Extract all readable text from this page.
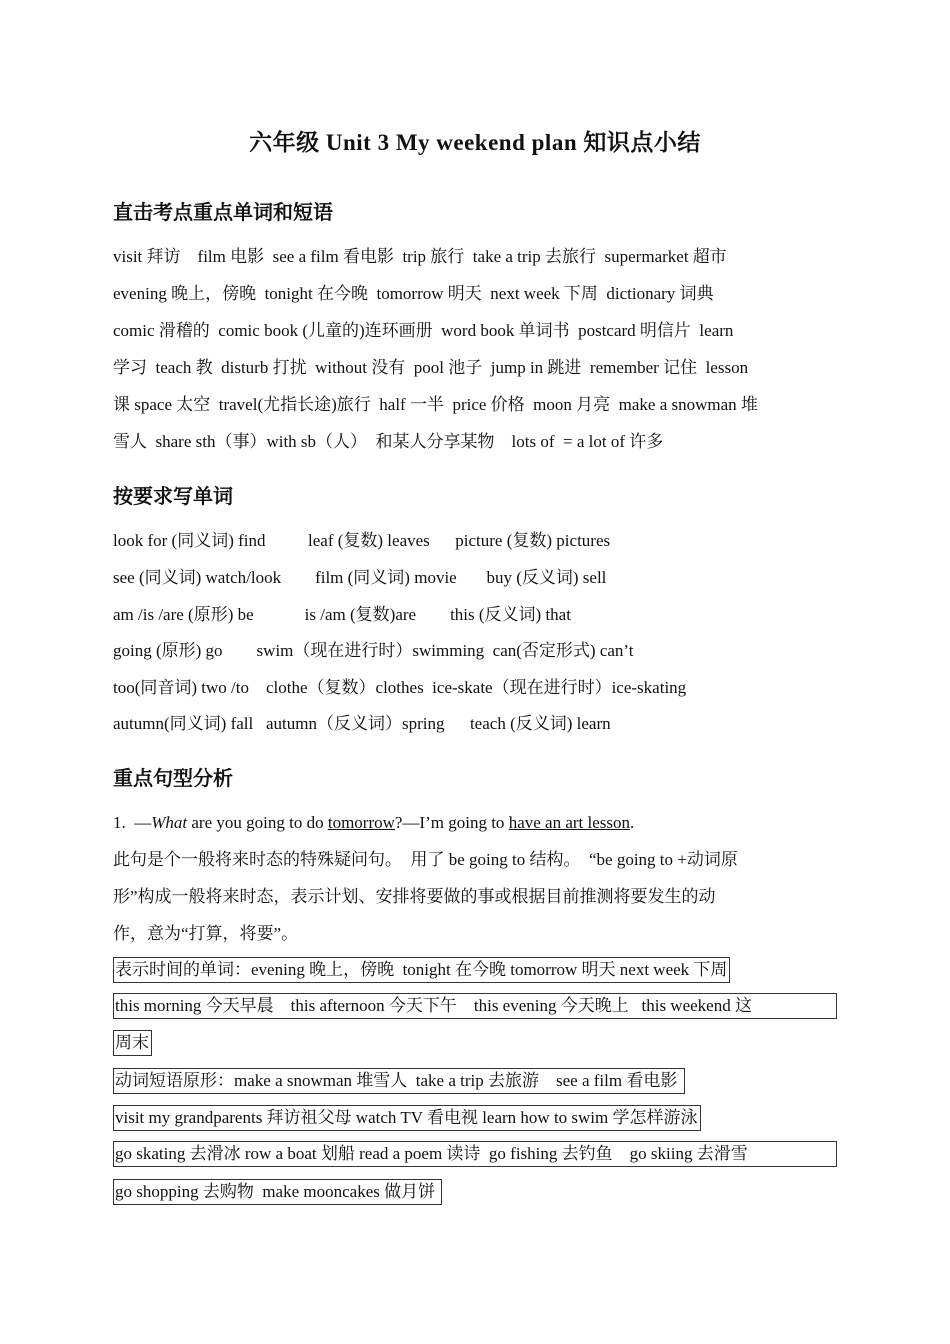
六年级 Unit 3 My weekend plan 知识点小结
直击考点重点单词和短语
visit 拜访    film 电影  see a film 看电影  trip 旅行  take a trip 去旅行  supermarket 超市
evening 晚上，傍晚  tonight 在今晚  tomorrow 明天  next week 下周  dictionary 词典
comic 滑稽的  comic book (儿童的)连环画册  word book 单词书  postcard 明信片  learn
学习  teach 教  disturb 打扰  without 没有  pool 池子  jump in 跳进  remember 记住  lesson
课 space 太空  travel(尤指长途)旅行  half 一半  price 价格  moon 月亮  make a snowman 堆
雪人  share sth（事）with sb（人）  和某人分享某物    lots of  = a lot of 许多
按要求写单词
look for (同义词) find          leaf (复数) leaves      picture (复数) pictures
see (同义词) watch/look        film (同义词) movie       buy (反义词) sell
am /is /are (原形) be            is /am (复数)are        this (反义词) that
going (原形) go        swim（现在进行时）swimming  can(否定形式) can’t
too(同音词) two /to    clothe（复数）clothes  ice-skate（现在进行时）ice-skating
autumn(同义词) fall   autumn（反义词）spring      teach (反义词) learn
重点句型分析
1.  —What are you going to do tomorrow?—I’m going to have an art lesson.
此句是个一般将来时态的特殊疑问句。  用了 be going to 结构。  “be going to +动词原
形”构成一般将来时态，表示计划、安排将要做的事或根据目前推测将要发生的动
作，意为“打算，将要”。
表示时间的单词：evening 晚上，傍晚  tonight 在今晚 tomorrow 明天 next week 下周
this morning 今天早晨    this afternoon 今天下午    this evening 今天晚上   this weekend 这
周末
动词短语原形：make a snowman 堆雪人  take a trip 去旅游    see a film 看电影
visit my grandparents 拜访祖父母 watch TV 看电视 learn how to swim 学怎样游泳
go skating 去滑冰 row a boat 划船 read a poem 读诗  go fishing 去钓鱼    go skiing 去滑雪
go shopping 去购物  make mooncakes 做月饼
